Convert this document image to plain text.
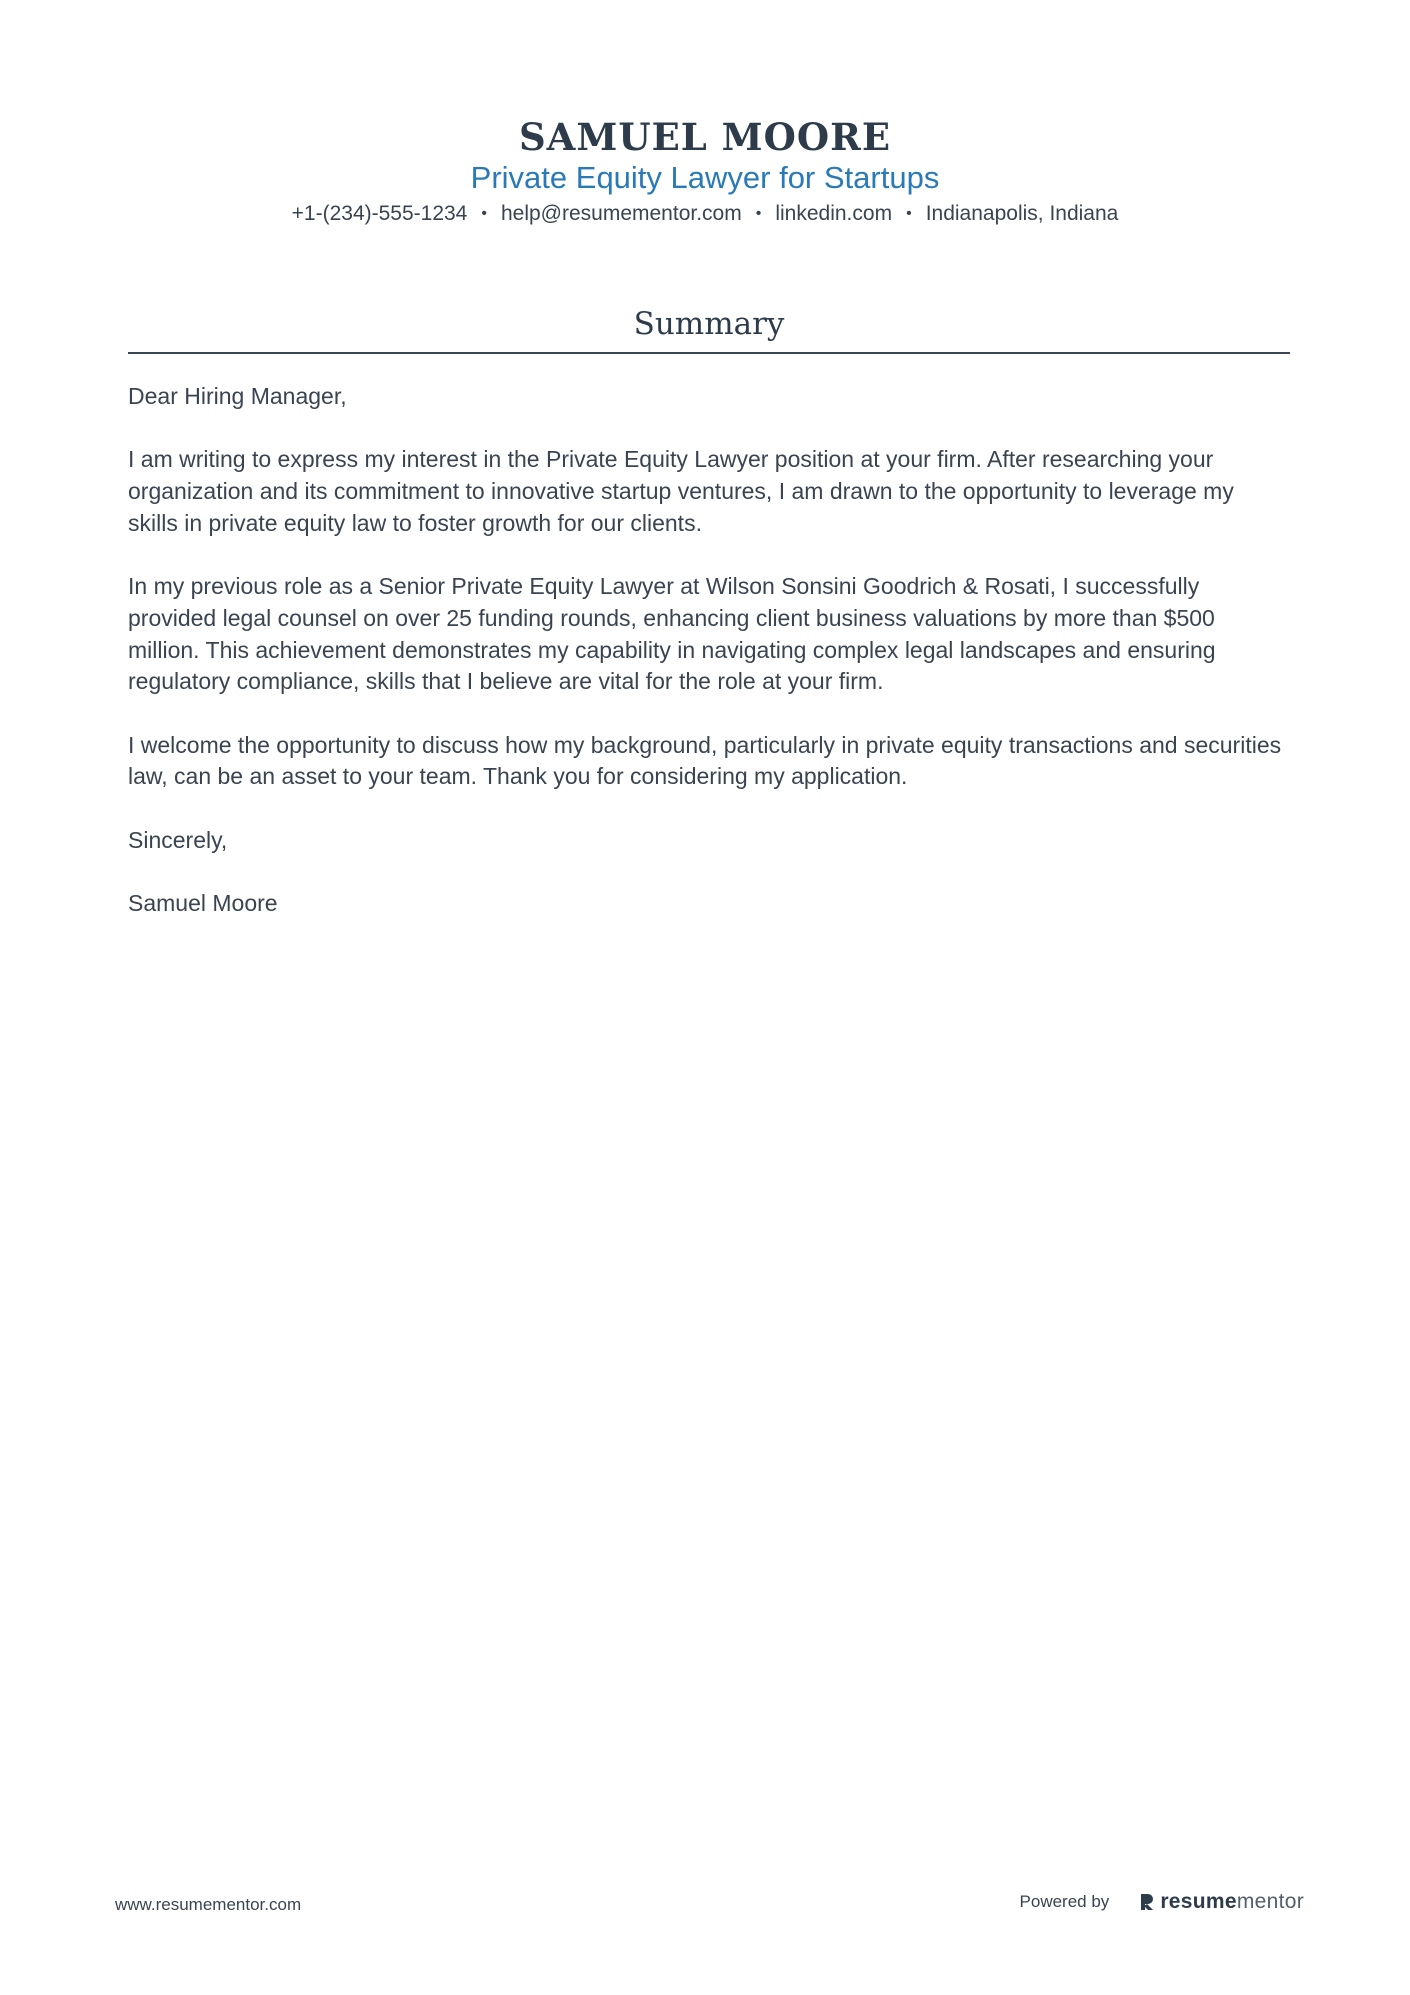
SAMUEL MOORE
Private Equity Lawyer for Startups
+1-(234)-555-1234 • help@resumementor.com • linkedin.com • Indianapolis, Indiana
Summary

Dear Hiring Manager,

I am writing to express my interest in the Private Equity Lawyer position at your firm. After researching your organization and its commitment to innovative startup ventures, I am drawn to the opportunity to leverage my skills in private equity law to foster growth for our clients.

In my previous role as a Senior Private Equity Lawyer at Wilson Sonsini Goodrich & Rosati, I successfully provided legal counsel on over 25 funding rounds, enhancing client business valuations by more than $500 million. This achievement demonstrates my capability in navigating complex legal landscapes and ensuring regulatory compliance, skills that I believe are vital for the role at your firm.

I welcome the opportunity to discuss how my background, particularly in private equity transactions and securities law, can be an asset to your team. Thank you for considering my application.

Sincerely,

Samuel Moore

www.resumementor.com	Powered by resumementor
